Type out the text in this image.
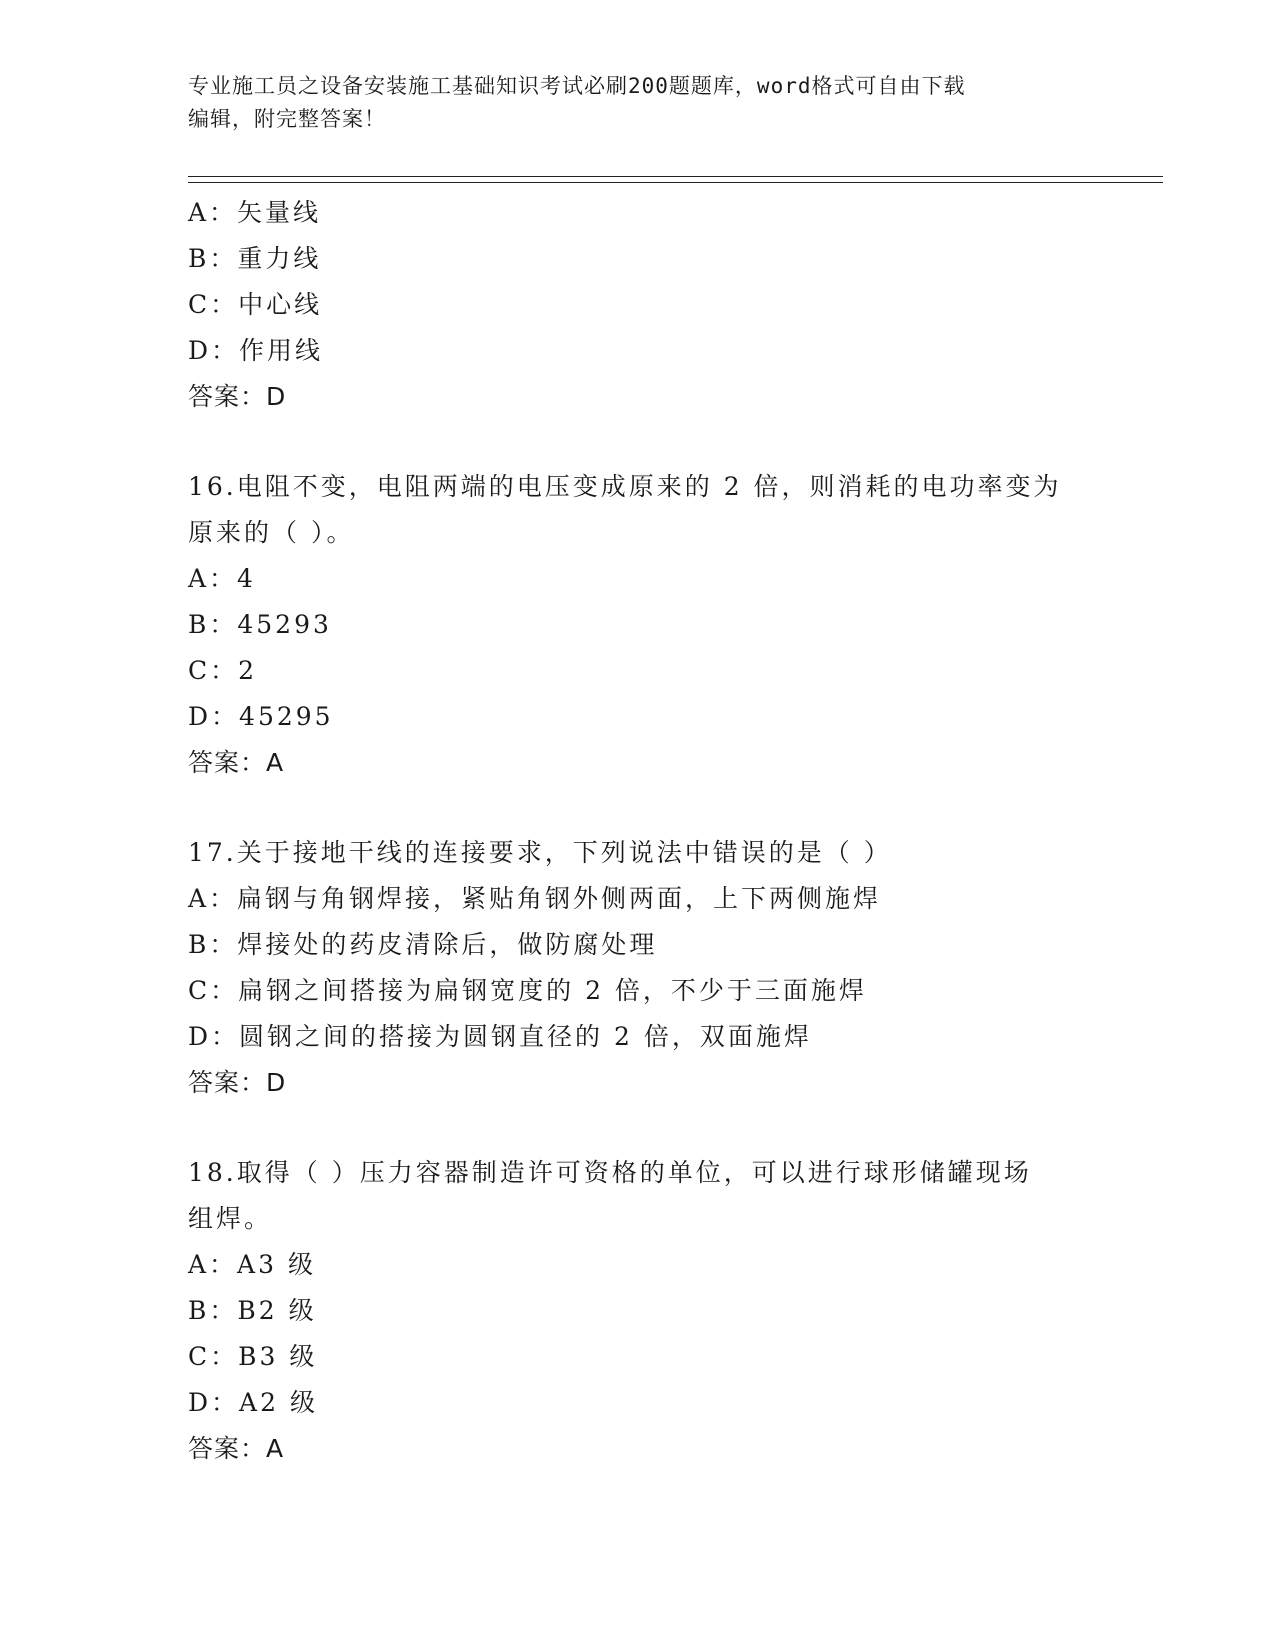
专业施工员之设备安装施工基础知识考试必刷200题题库，word格式可自由下载
编辑，附完整答案！
A：矢量线
B：重力线
C：中心线
D：作用线
答案：D
16.电阻不变，电阻两端的电压变成原来的 2 倍，则消耗的电功率变为
原来的（ ）。
A：4
B：45293
C：2
D：45295
答案：A
17.关于接地干线的连接要求，下列说法中错误的是（ ）
A：扁钢与角钢焊接，紧贴角钢外侧两面，上下两侧施焊
B：焊接处的药皮清除后，做防腐处理
C：扁钢之间搭接为扁钢宽度的 2 倍，不少于三面施焊
D：圆钢之间的搭接为圆钢直径的 2 倍，双面施焊
答案：D
18.取得（ ）压力容器制造许可资格的单位，可以进行球形储罐现场
组焊。
A：A3 级
B：B2 级
C：B3 级
D：A2 级
答案：A
